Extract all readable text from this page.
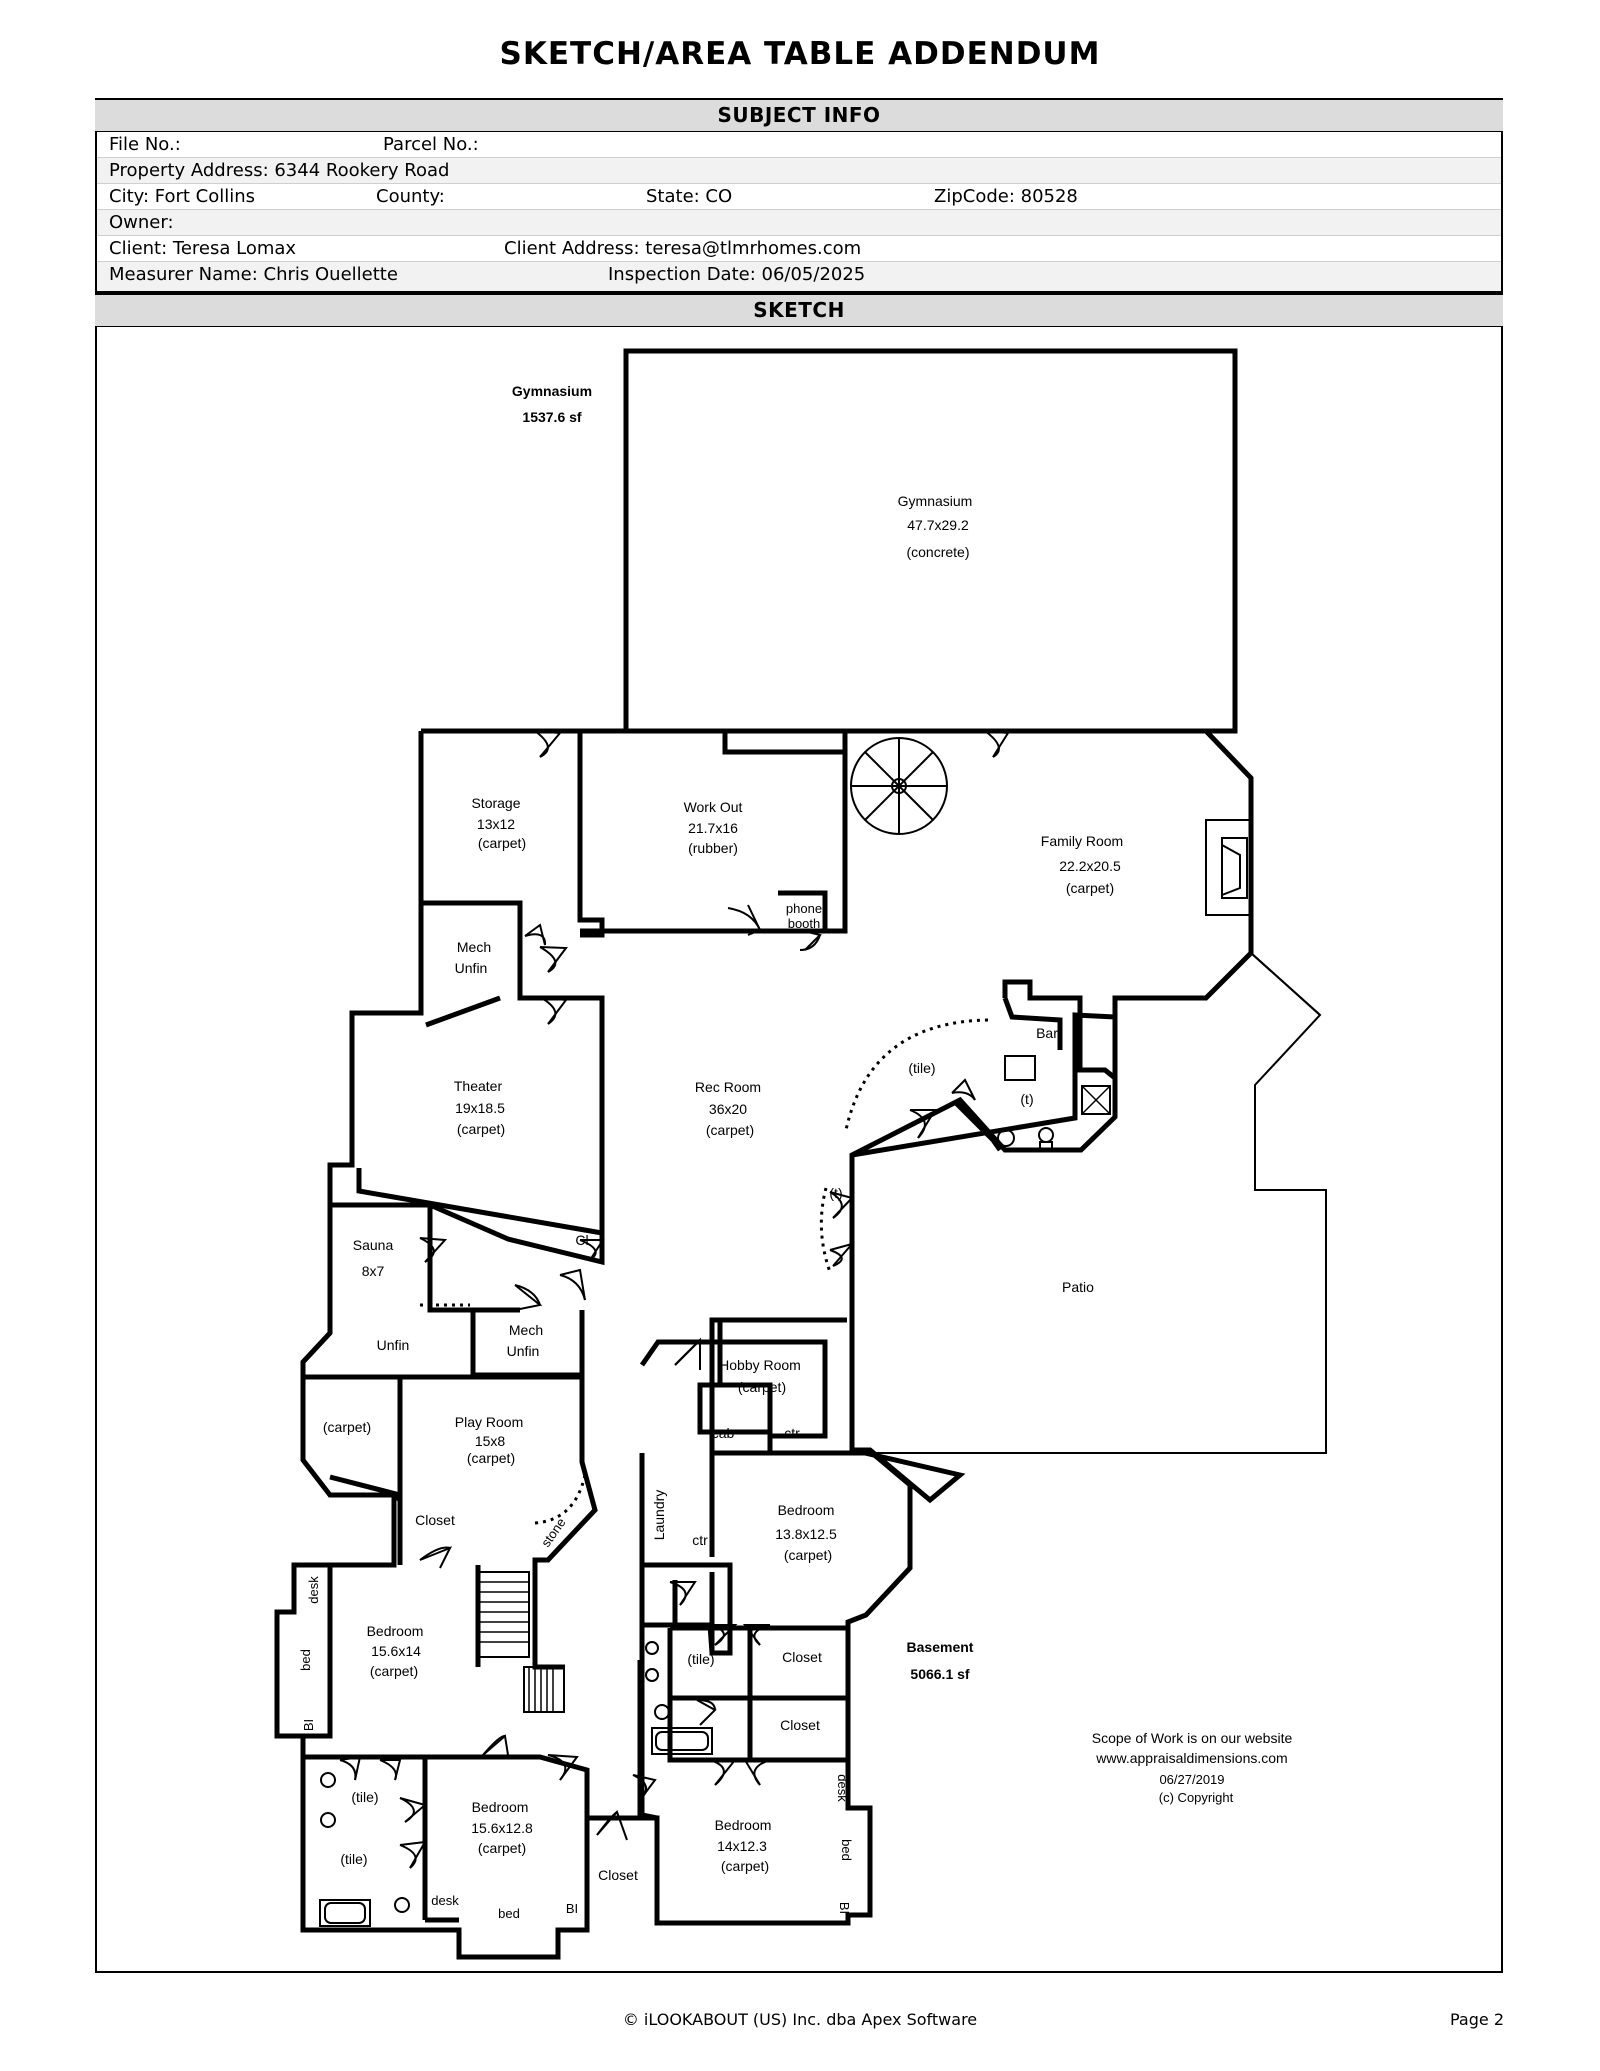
SKETCH/AREA TABLE ADDENDUM
SUBJECT INFO
File No.:	Parcel No.:
Property Address: 6344 Rookery Road
City: Fort Collins	County:	State: CO	ZipCode: 80528
Owner:
Client: Teresa Lomax	Client Address: teresa@tlmrhomes.com
Measurer Name: Chris Ouellette	Inspection Date: 06/05/2025
SKETCH
Gymnasium
1537.6 sf
Gymnasium
47.7x29.2
(concrete)
Storage
13x12
(carpet)
Work Out
21.7x16
(rubber)	Family Room
22.2x20.5
(carpet)
phone
booth
Mech
Unfin
Theater
19x18.5
(carpet)
Rec Room
36x20
(carpet)
Bar
(tile)
(t)
(t)
Sauna
8x7
Cl
Patio
Unfin
Mech
Unfin
Hobby Room
(carpet)
cab	ctr
ctr
Laundry
(carpet)	Play Room
15x8
(carpet)
Closet	stone
Bedroom
13.8x12.5
(carpet)
Bedroom
15.6x14
(carpet)
desk
bed
BI
(tile)	Closet
Closet
Bedroom
15.6x12.8
(carpet)
(tile)
(tile)
desk
bed	BI
Closet
Bedroom
14x12.3
(carpet)
desk
bed
BI
Basement
5066.1 sf
Scope of Work is on our website
www.appraisaldimensions.com
06/27/2019
(c) Copyright
© iLOOKABOUT (US) Inc. dba Apex Software	Page 2
